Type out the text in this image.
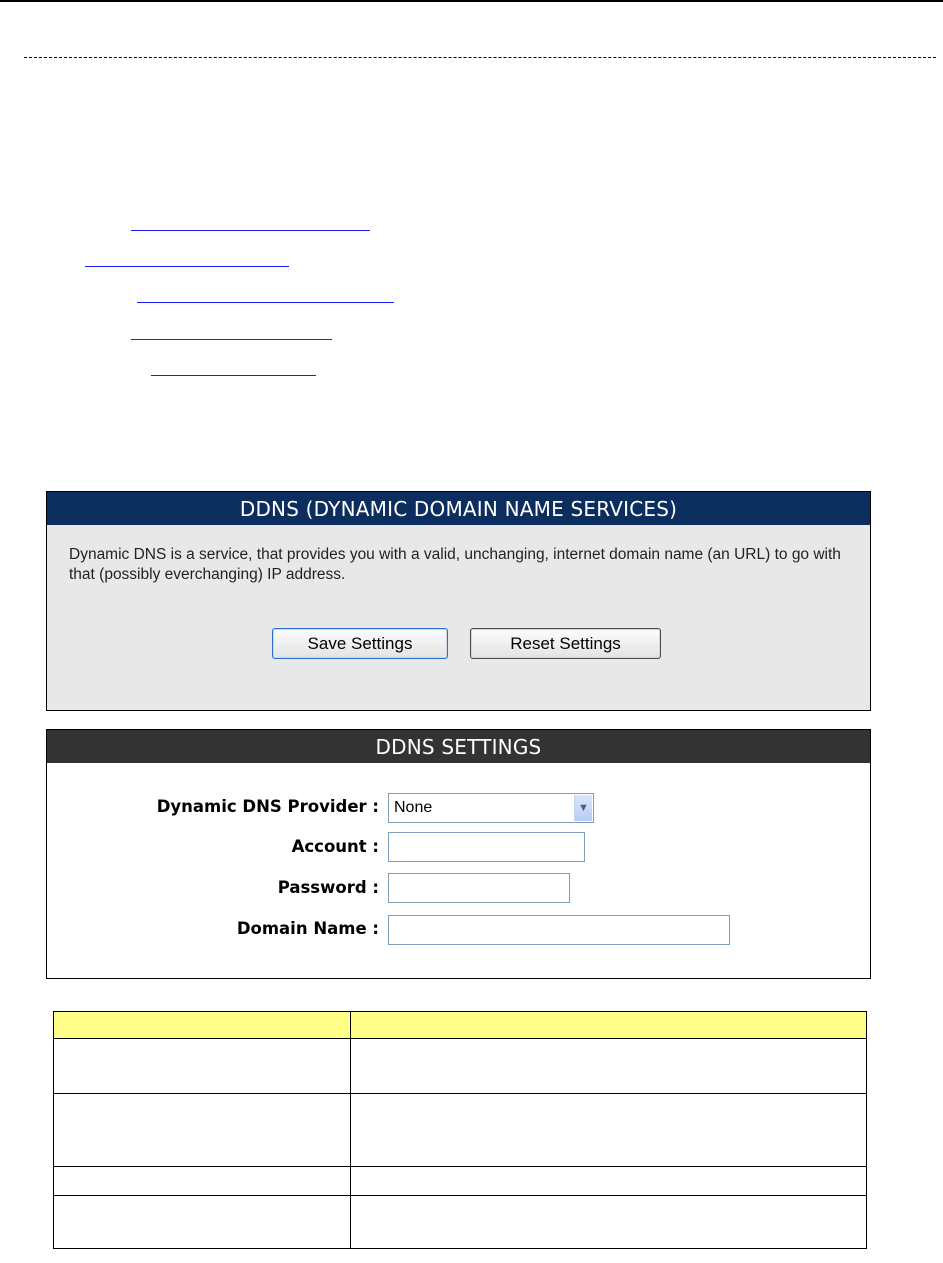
DDNS (DYNAMIC DOMAIN NAME SERVICES)
Dynamic DNS is a service, that provides you with a valid, unchanging, internet domain name (an URL) to go with that (possibly everchanging) IP address.
Save Settings	Reset Settings
DDNS SETTINGS
Dynamic DNS Provider : None	▼
Account :
Password :
Domain Name :
